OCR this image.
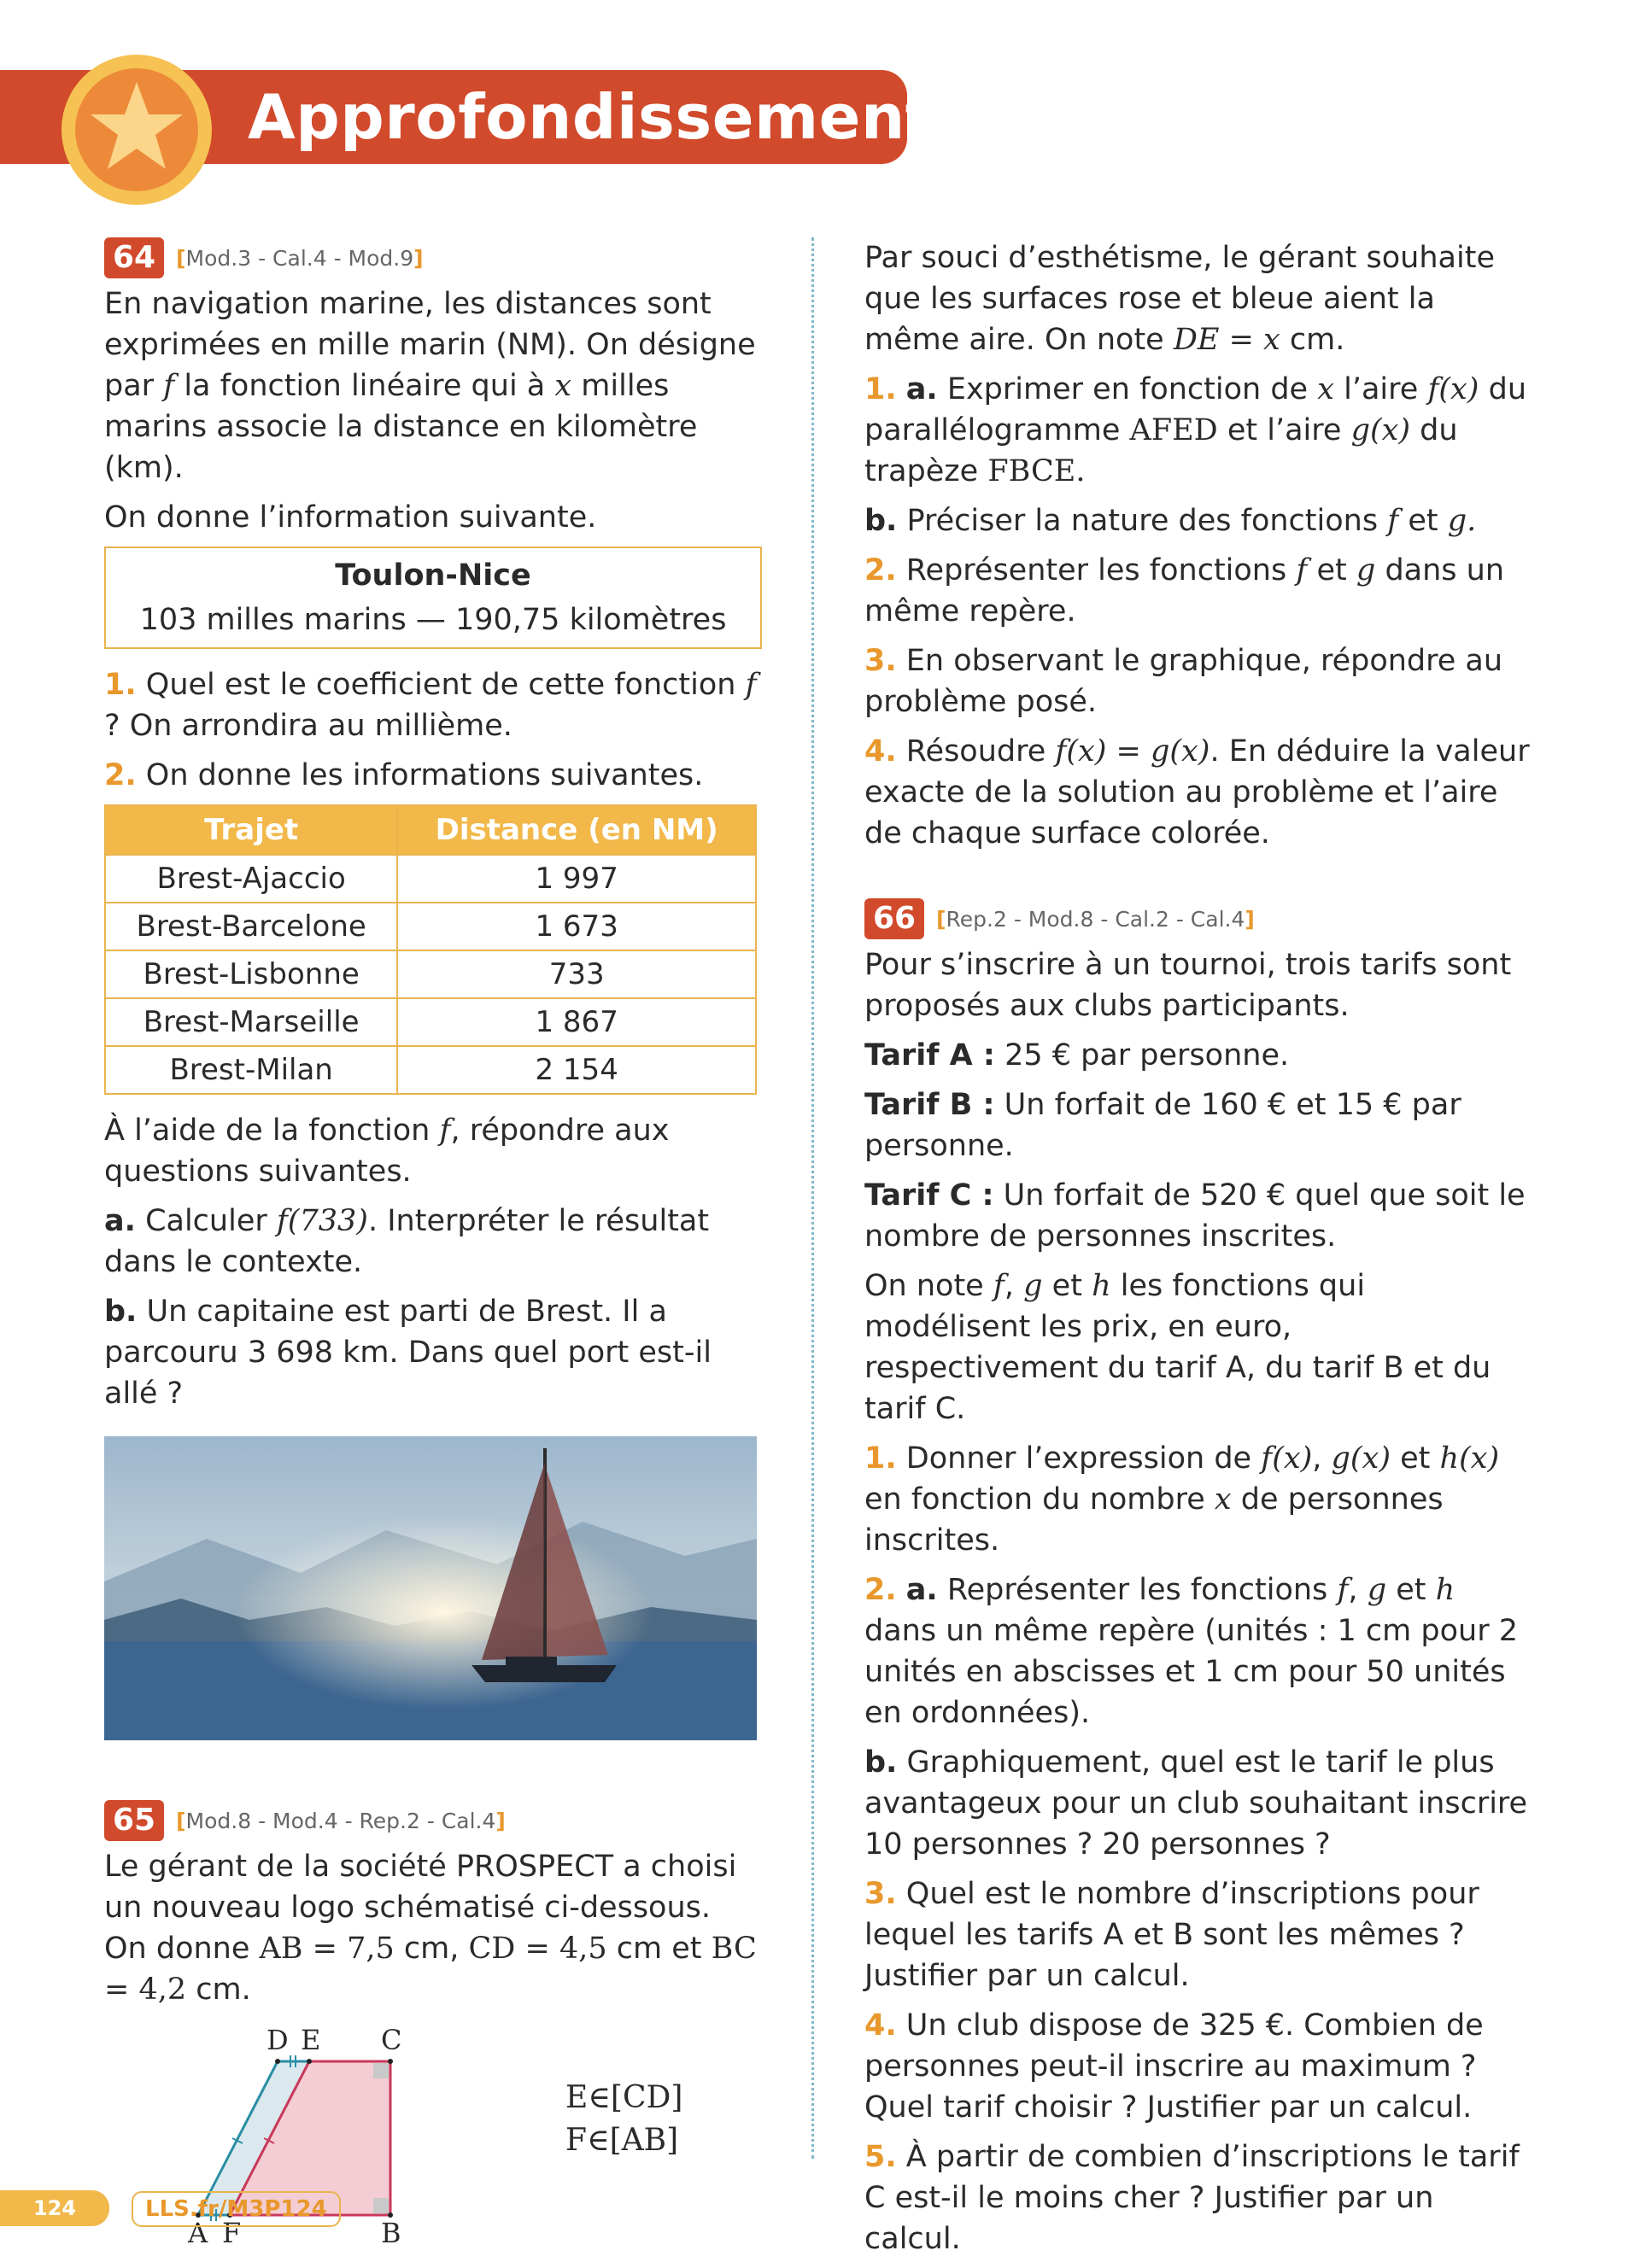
Approfondissement
64 [Mod.3 - Cal.4 - Mod.9]

En navigation marine, les distances sont exprimées en mille marin (NM). On désigne par f la fonction linéaire qui à x milles marins associe la distance en kilomètre (km).

On donne l’information suivante.

Toulon-Nice
103 milles marins — 190,75 kilomètres

1. Quel est le coefficient de cette fonction f ? On arrondira au millième.

2. On donne les informations suivantes.

Trajet	Distance (en NM)
Brest-Ajaccio	1 997
Brest-Barcelone	1 673
Brest-Lisbonne	733
Brest-Marseille	1 867
Brest-Milan	2 154

À l’aide de la fonction f, répondre aux questions suivantes.

a. Calculer f(733). Interpréter le résultat dans le contexte.

b. Un capitaine est parti de Brest. Il a parcouru 3 698 km. Dans quel port est-il allé ?

65 [Mod.8 - Mod.4 - Rep.2 - Cal.4]

Le gérant de la société PROSPECT a choisi un nouveau logo schématisé ci-dessous. On donne AB = 7,5 cm, CD = 4,5 cm et BC = 4,2 cm.

A F	B
D E C
E∈[CD]
F∈[AB]

Par souci d’esthétisme, le gérant souhaite que les surfaces rose et bleue aient la même aire. On note DE = x cm.

1. a. Exprimer en fonction de x l’aire f(x) du parallélogramme AFED et l’aire g(x) du trapèze FBCE.

b. Préciser la nature des fonctions f et g.

2. Représenter les fonctions f et g dans un même repère.

3. En observant le graphique, répondre au problème posé.

4. Résoudre f(x) = g(x). En déduire la valeur exacte de la solution au problème et l’aire de chaque surface colorée.

66 [Rep.2 - Mod.8 - Cal.2 - Cal.4]

Pour s’inscrire à un tournoi, trois tarifs sont proposés aux clubs participants.

Tarif A : 25 € par personne.

Tarif B : Un forfait de 160 € et 15 € par personne.

Tarif C : Un forfait de 520 € quel que soit le nombre de personnes inscrites.

On note f, g et h les fonctions qui modélisent les prix, en euro, respectivement du tarif A, du tarif B et du tarif C.

1. Donner l’expression de f(x), g(x) et h(x) en fonction du nombre x de personnes inscrites.

2. a. Représenter les fonctions f, g et h dans un même repère (unités : 1 cm pour 2 unités en abscisses et 1 cm pour 50 unités en ordonnées).

b. Graphiquement, quel est le tarif le plus avantageux pour un club souhaitant inscrire 10 personnes ? 20 personnes ?

3. Quel est le nombre d’inscriptions pour lequel les tarifs A et B sont les mêmes ? Justifier par un calcul.

4. Un club dispose de 325 €. Combien de personnes peut-il inscrire au maximum ? Quel tarif choisir ? Justifier par un calcul.

5. À partir de combien d’inscriptions le tarif C est-il le moins cher ? Justifier par un calcul.

124	LLS.fr/M3P124
